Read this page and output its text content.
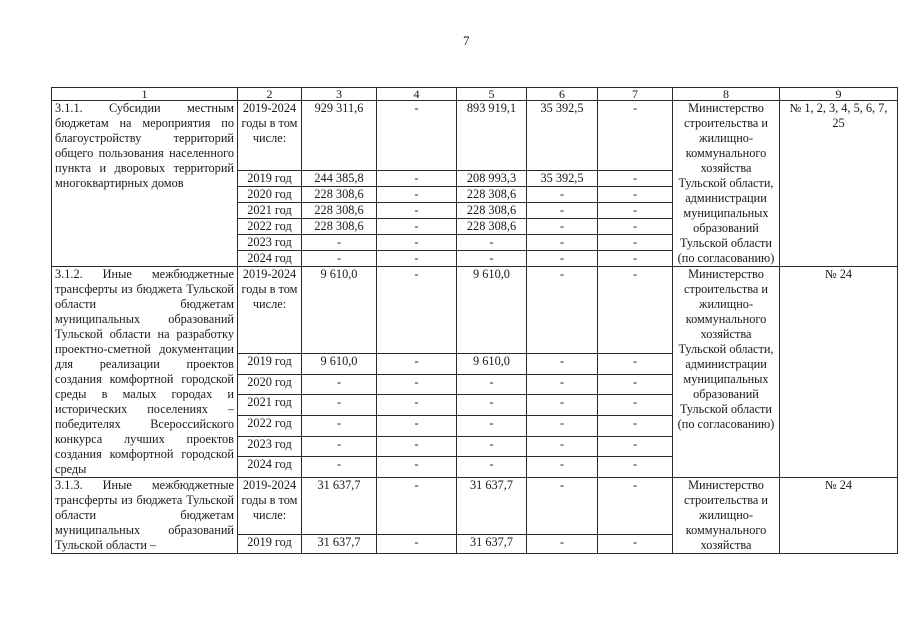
7
1	2	3	4	5	6	7	8	9
3.1.1. Субсидии местным бюджетам на мероприятия по благоустройству территорий общего пользования населенного пункта и дворовых территорий многоквартирных домов	2019-2024 годы в том числе:	929 311,6	-	893 919,1	35 392,5	-	Министерство строительства и жилищно-коммунального хозяйства Тульской области, администрации муниципальных образований Тульской области (по согласованию)	№ 1, 2, 3, 4, 5, 6, 7, 25
	2019 год	244 385,8	-	208 993,3	35 392,5	-		
	2020 год	228 308,6	-	228 308,6	-	-		
	2021 год	228 308,6	-	228 308,6	-	-		
	2022 год	228 308,6	-	228 308,6	-	-		
	2023 год	-	-	-	-	-		
	2024 год	-	-	-	-	-		
3.1.2. Иные межбюджетные трансферты из бюджета Тульской области бюджетам муниципальных образований Тульской области на разработку проектно-сметной документации для реализации проектов создания комфортной городской среды в малых городах и исторических поселениях – победителях Всероссийского конкурса лучших проектов создания комфортной городской среды	2019-2024 годы в том числе:	9 610,0	-	9 610,0	-	-	Министерство строительства и жилищно-коммунального хозяйства Тульской области, администрации муниципальных образований Тульской области (по согласованию)	№ 24
	2019 год	9 610,0	-	9 610,0	-	-		
	2020 год	-	-	-	-	-		
	2021 год	-	-	-	-	-		
	2022 год	-	-	-	-	-		
	2023 год	-	-	-	-	-		
	2024 год	-	-	-	-	-		
3.1.3. Иные межбюджетные трансферты из бюджета Тульской области бюджетам муниципальных образований Тульской области –	2019-2024 годы в том числе:	31 637,7	-	31 637,7	-	-	Министерство строительства и жилищно-коммунального хозяйства	№ 24
	2019 год	31 637,7	-	31 637,7	-	-		
